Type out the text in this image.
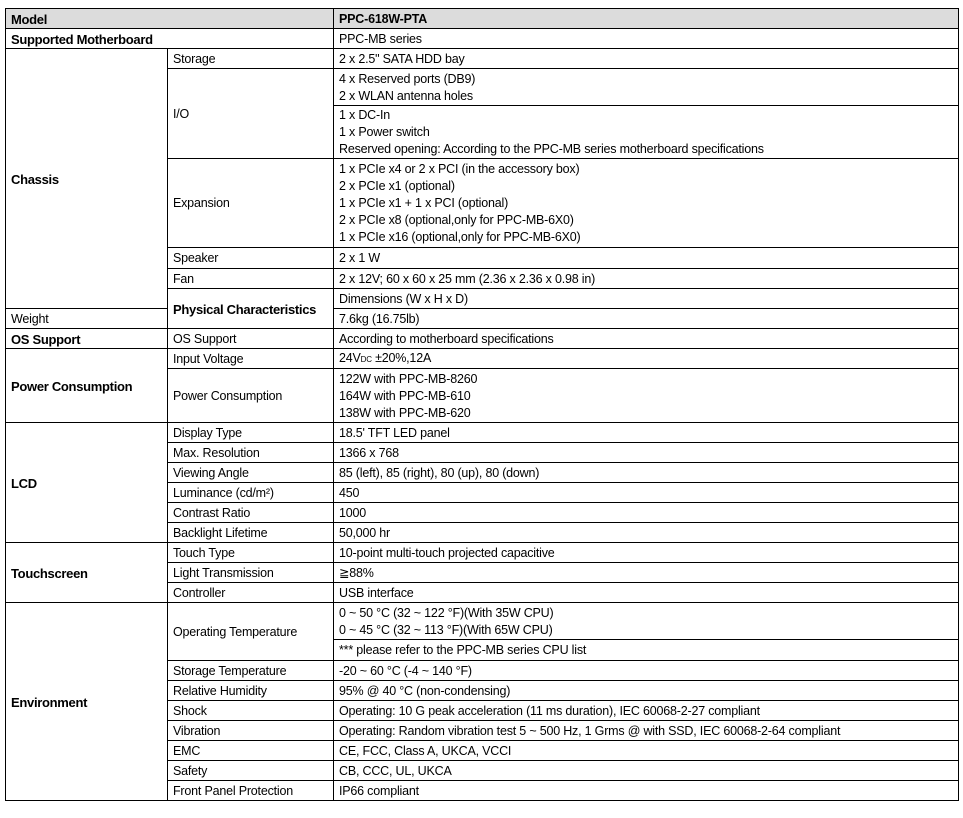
Model		PPC-618W-PTA	
Supported Motherboard		PPC-MB series	
Chassis	Storage	2 x 2.5" SATA HDD bay	
	I/O	4 x Reserved ports (DB9)
2 x WLAN antenna holes	

		1 x DC-In
1 x Power switch
Reserved opening: According to the PPC-MB series motherboard specifications	

	Expansion	1 x PCIe x4 or 2 x PCI (in the accessory box)
2 x PCIe x1 (optional)
1 x PCIe x1 + 1 x PCI (optional)
2 x PCIe x8 (optional,only for PPC-MB-6X0)
1 x PCIe x16 (optional,only for PPC-MB-6X0)	

	Speaker	2 x 1 W	
	Fan	2 x 12V; 60 x 60 x 25 mm (2.36 x 2.36 x 0.98 in)	
	Physical Characteristics	Dimensions (W x H x D)	
Weight		7.6kg (16.75lb)	
OS Support	OS Support	According to motherboard specifications	
Power Consumption	Input Voltage	24VDC ±20%,12A	
	Power Consumption	122W with PPC-MB-8260
164W with PPC-MB-610
138W with PPC-MB-620	

LCD	Display Type	18.5' TFT LED panel	
	Max. Resolution	1366 x 768	
	Viewing Angle	85 (left), 85 (right), 80 (up), 80 (down)	
	Luminance (cd/m²)	450	
	Contrast Ratio	1000	
	Backlight Lifetime	50,000 hr	
Touchscreen	Touch Type	10-point multi-touch projected capacitive	
	Light Transmission	≧88%	
	Controller	USB interface	
Environment	Operating Temperature	0 ~ 50 °C (32 ~ 122 °F)(With 35W CPU)
0 ~ 45 °C (32 ~ 113 °F)(With 65W CPU)	

		*** please refer to the PPC-MB series CPU list	
	Storage Temperature	-20 ~ 60 °C (-4 ~ 140 °F)	
	Relative Humidity	95% @ 40 °C (non-condensing)	
	Shock	Operating: 10 G peak acceleration (11 ms duration), IEC 60068-2-27 compliant	
	Vibration	Operating: Random vibration test 5 ~ 500 Hz, 1 Grms @ with SSD, IEC 60068-2-64 compliant	
	EMC	CE, FCC, Class A, UKCA, VCCI	
	Safety	CB, CCC, UL, UKCA	
	Front Panel Protection	IP66 compliant	
